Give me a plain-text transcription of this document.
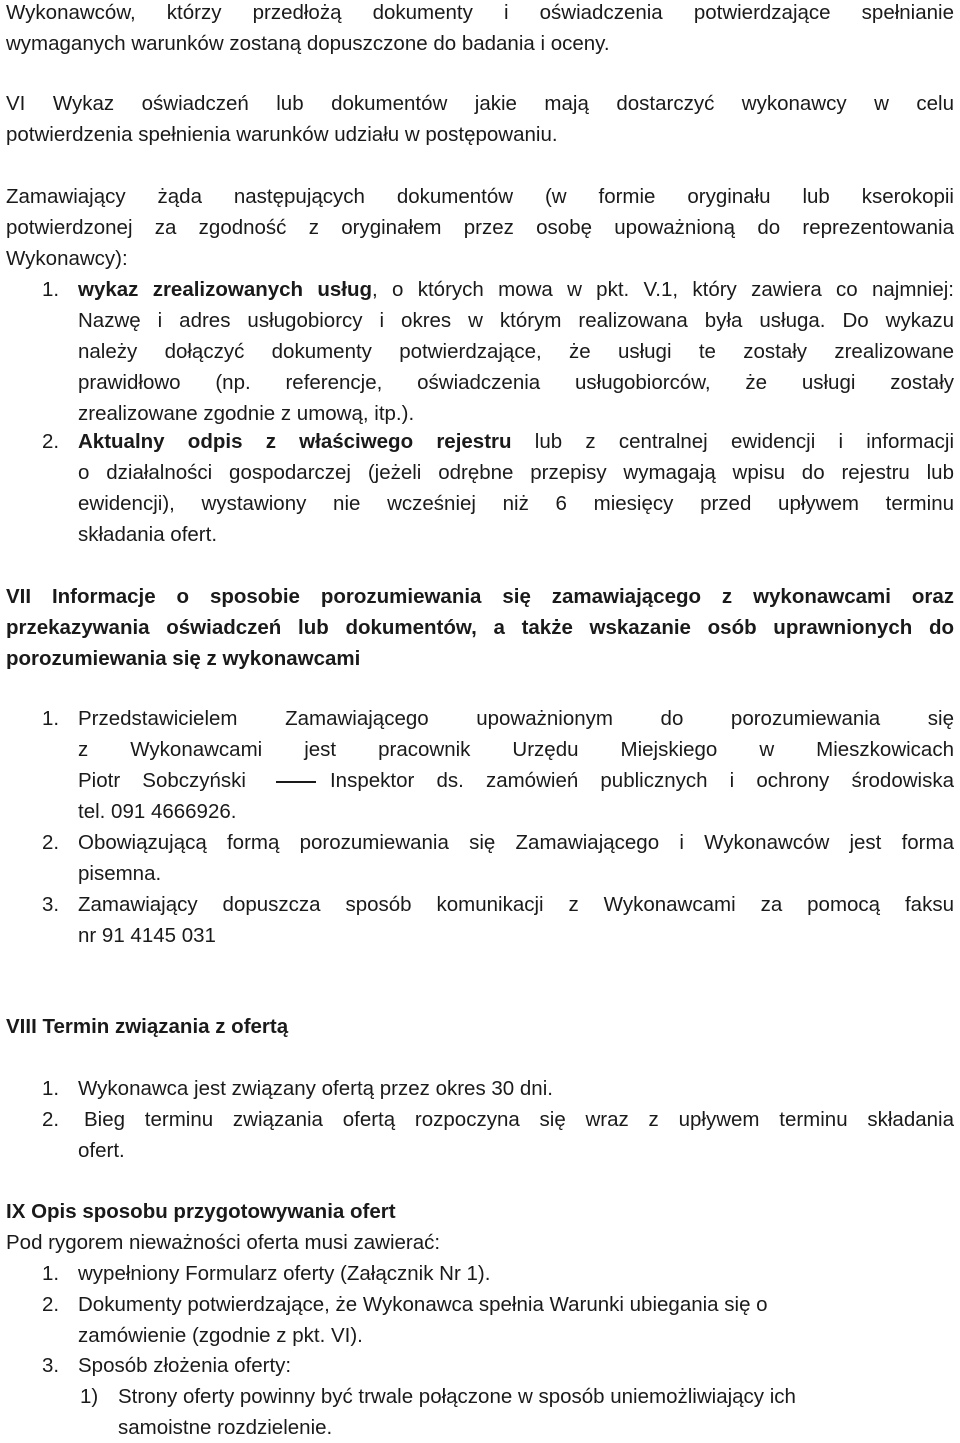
Wykonawców, którzy przedłożą dokumenty i oświadczenia potwierdzające spełnianie
wymaganych warunków zostaną dopuszczone do badania i oceny.
VI Wykaz oświadczeń lub dokumentów jakie mają dostarczyć wykonawcy w celu
potwierdzenia spełnienia warunków udziału w postępowaniu.
Zamawiający żąda następujących dokumentów (w formie oryginału lub kserokopii
potwierdzonej za zgodność z oryginałem przez osobę upoważnioną do reprezentowania
Wykonawcy):
1. wykaz zrealizowanych usług, o których mowa w pkt. V.1, który zawiera co najmniej:
Nazwę i adres usługobiorcy i okres w którym realizowana była usługa. Do wykazu
należy dołączyć dokumenty potwierdzające, że usługi te zostały zrealizowane
prawidłowo (np. referencje, oświadczenia usługobiorców, że usługi zostały
zrealizowane zgodnie z umową, itp.).
2. Aktualny odpis z właściwego rejestru lub z centralnej ewidencji i informacji
o działalności gospodarczej (jeżeli odrębne przepisy wymagają wpisu do rejestru lub
ewidencji), wystawiony nie wcześniej niż 6 miesięcy przed upływem terminu
składania ofert.
VII Informacje o sposobie porozumiewania się zamawiającego z wykonawcami oraz
przekazywania oświadczeń lub dokumentów, a także wskazanie osób uprawnionych do
porozumiewania się z wykonawcami
1. Przedstawicielem Zamawiającego upoważnionym do porozumiewania się
z Wykonawcami jest pracownik Urzędu Miejskiego w Mieszkowicach
Piotr Sobczyński	Inspektor ds. zamówień publicznych i ochrony środowiska
tel. 091 4666926.
2. Obowiązującą formą porozumiewania się Zamawiającego i Wykonawców jest forma
pisemna.
3. Zamawiający dopuszcza sposób komunikacji z Wykonawcami za pomocą faksu
nr 91 4145 031
VIII Termin związania z ofertą
1. Wykonawca jest związany ofertą przez okres 30 dni.
2.	Bieg terminu związania ofertą rozpoczyna się wraz z upływem terminu składania
ofert.
IX Opis sposobu przygotowywania ofert
Pod rygorem nieważności oferta musi zawierać:
1. wypełniony Formularz oferty (Załącznik Nr 1).
2. Dokumenty potwierdzające, że Wykonawca spełnia Warunki ubiegania się o
zamówienie (zgodnie z pkt. VI).
3. Sposób złożenia oferty:
1) Strony oferty powinny być trwale połączone w sposób uniemożliwiający ich
samoistne rozdzielenie.
